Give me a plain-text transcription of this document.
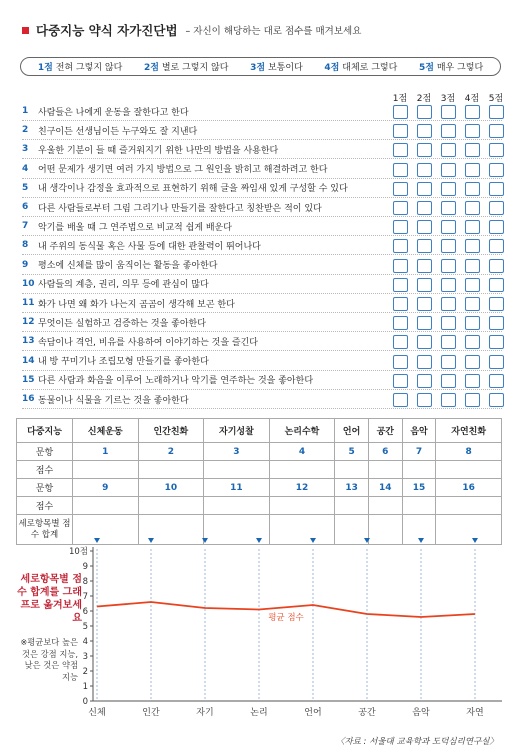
다중지능 약식 자가진단법 – 자신이 해당하는 대로 점수를 매겨보세요
1점 전혀 그렇지 않다 2점 별로 그렇지 않다 3점 보통이다 4점 대체로 그렇다 5점 매우 그렇다
1점 2점 3점 4점 5점
1	사람들은 나에게 운동을 잘한다고 한다
2	친구이든 선생님이든 누구와도 잘 지낸다
3	우울한 기분이 들 때 즐거워지기 위한 나만의 방법을 사용한다
4	어떤 문제가 생기면 여러 가지 방법으로 그 원인을 밝히고 해결하려고 한다
5	내 생각이나 감정을 효과적으로 표현하기 위해 글을 짜임새 있게 구성할 수 있다
6	다른 사람들로부터 그림 그리기나 만들기를 잘한다고 칭찬받은 적이 있다
7	악기를 배울 때 그 연주법으로 비교적 쉽게 배운다
8	내 주위의 동식물 혹은 사물 등에 대한 관찰력이 뛰어나다
9	평소에 신체를 많이 움직이는 활동을 좋아한다
10 사람들의 계층, 권리, 의무 등에 관심이 많다
11 화가 나면 왜 화가 나는지 곰곰이 생각해 보곤 한다
12 무엇이든 실험하고 검증하는 것을 좋아한다
13 속담이나 격언, 비유를 사용하여 이야기하는 것을 즐긴다
14 내 방 꾸미기나 조립모형 만들기를 좋아한다
15 다른 사람과 화음을 이루어 노래하거나 악기를 연주하는 것을 좋아한다
16 동물이나 식물을 기르는 것을 좋아한다
다중지능	신체운동	인간친화	자기성찰	논리수학	언어	공간	음악	자연친화
문항	1	2	3	4	5	6	7	8
점수								
문항	9	10	11	12	13	14	15	16
점수								
세로항목별 점수 합계								
세로항목별 점수 합계를 그래프로 옮겨보세요
※평균보다 높은 것은 강점 지능, 낮은 것은 약점 지능
0
1
2
3
4
5
6
7
8
9
10점
신체	인간	자기	논리	언어	공간	음악	자연
평균 점수
〈자료 : 서울대 교육학과 도덕심리연구실〉
